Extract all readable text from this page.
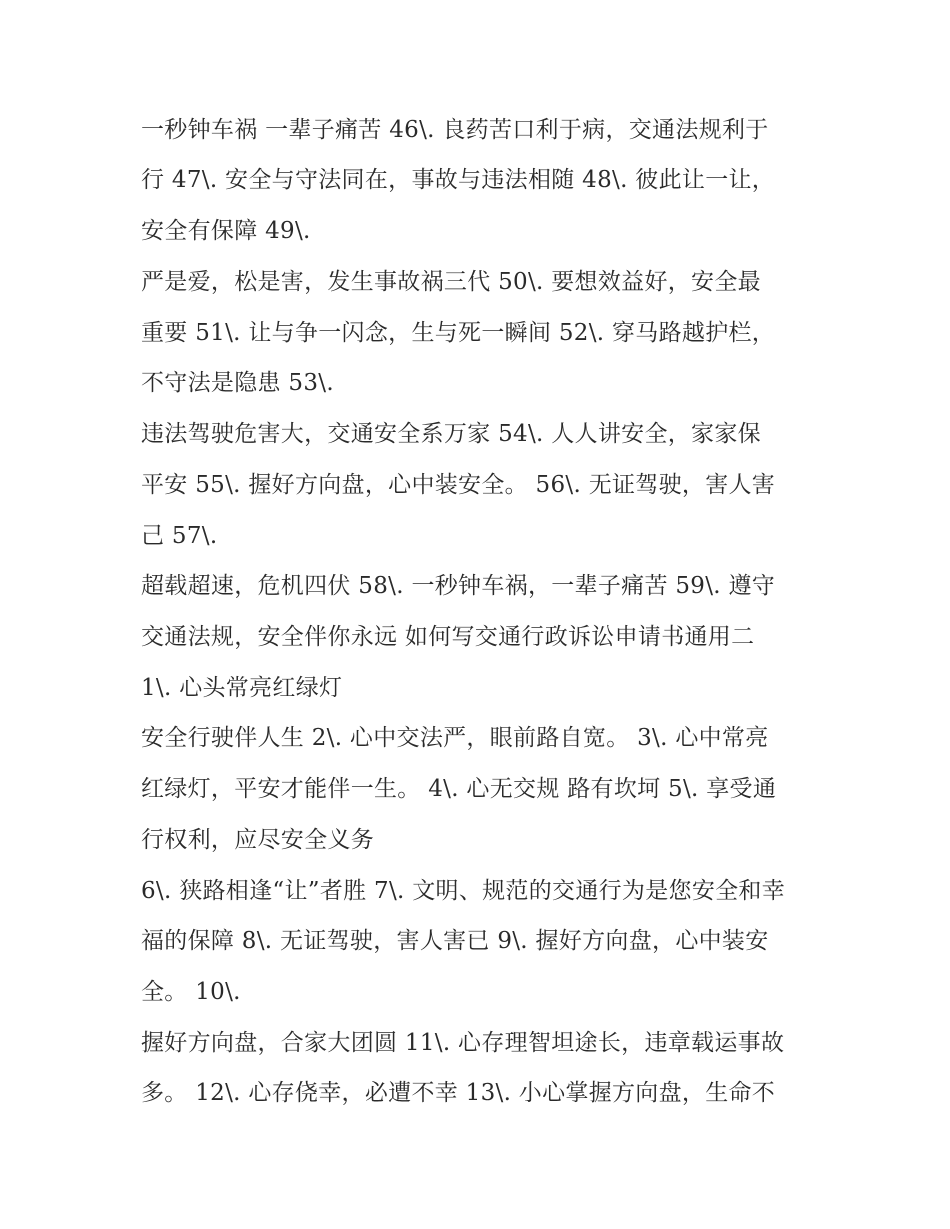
一秒钟车祸 一辈子痛苦 46\. 良药苦口利于病，交通法规利于
行 47\. 安全与守法同在，事故与违法相随 48\. 彼此让一让，
安全有保障 49\.
严是爱，松是害，发生事故祸三代 50\. 要想效益好，安全最
重要 51\. 让与争一闪念，生与死一瞬间 52\. 穿马路越护栏，
不守法是隐患 53\.
违法驾驶危害大，交通安全系万家 54\. 人人讲安全，家家保
平安 55\. 握好方向盘，心中装安全。 56\. 无证驾驶，害人害
己 57\.
超载超速，危机四伏 58\. 一秒钟车祸，一辈子痛苦 59\. 遵守
交通法规，安全伴你永远 如何写交通行政诉讼申请书通用二
1\. 心头常亮红绿灯
安全行驶伴人生 2\. 心中交法严，眼前路自宽。 3\. 心中常亮
红绿灯，平安才能伴一生。 4\. 心无交规 路有坎坷 5\. 享受通
行权利，应尽安全义务
6\. 狭路相逢“让”者胜 7\. 文明、规范的交通行为是您安全和幸
福的保障 8\. 无证驾驶，害人害已 9\. 握好方向盘，心中装安
全。 10\.
握好方向盘，合家大团圆 11\. 心存理智坦途长，违章载运事故
多。 12\. 心存侥幸，必遭不幸 13\. 小心掌握方向盘，生命不
